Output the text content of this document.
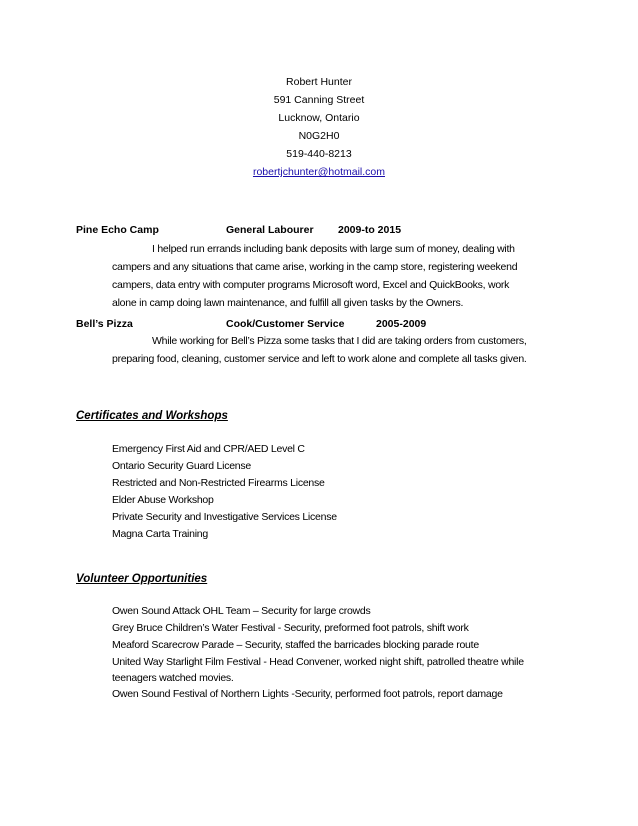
Robert Hunter
591 Canning Street
Lucknow, Ontario
N0G2H0
519-440-8213
robertjchunter@hotmail.com
Pine Echo Camp	General Labourer 2009-to 2015
I helped run errands including bank deposits with large sum of money, dealing with
campers and any situations that came arise, working in the camp store, registering weekend
campers, data entry with computer programs Microsoft word, Excel and QuickBooks, work
alone in camp doing lawn maintenance, and fulfill all given tasks by the Owners.
Bell’s Pizza	Cook/Customer Service	2005-2009
While working for Bell’s Pizza some tasks that I did are taking orders from customers,
preparing food, cleaning, customer service and left to work alone and complete all tasks given.
Certificates and Workshops
Emergency First Aid and CPR/AED Level C
Ontario Security Guard License
Restricted and Non-Restricted Firearms License
Elder Abuse Workshop
Private Security and Investigative Services License
Magna Carta Training
Volunteer Opportunities
Owen Sound Attack OHL Team – Security for large crowds
Grey Bruce Children’s Water Festival - Security, preformed foot patrols, shift work
Meaford Scarecrow Parade – Security, staffed the barricades blocking parade route
United Way Starlight Film Festival - Head Convener, worked night shift, patrolled theatre while
teenagers watched movies.
Owen Sound Festival of Northern Lights -Security, performed foot patrols, report damage
